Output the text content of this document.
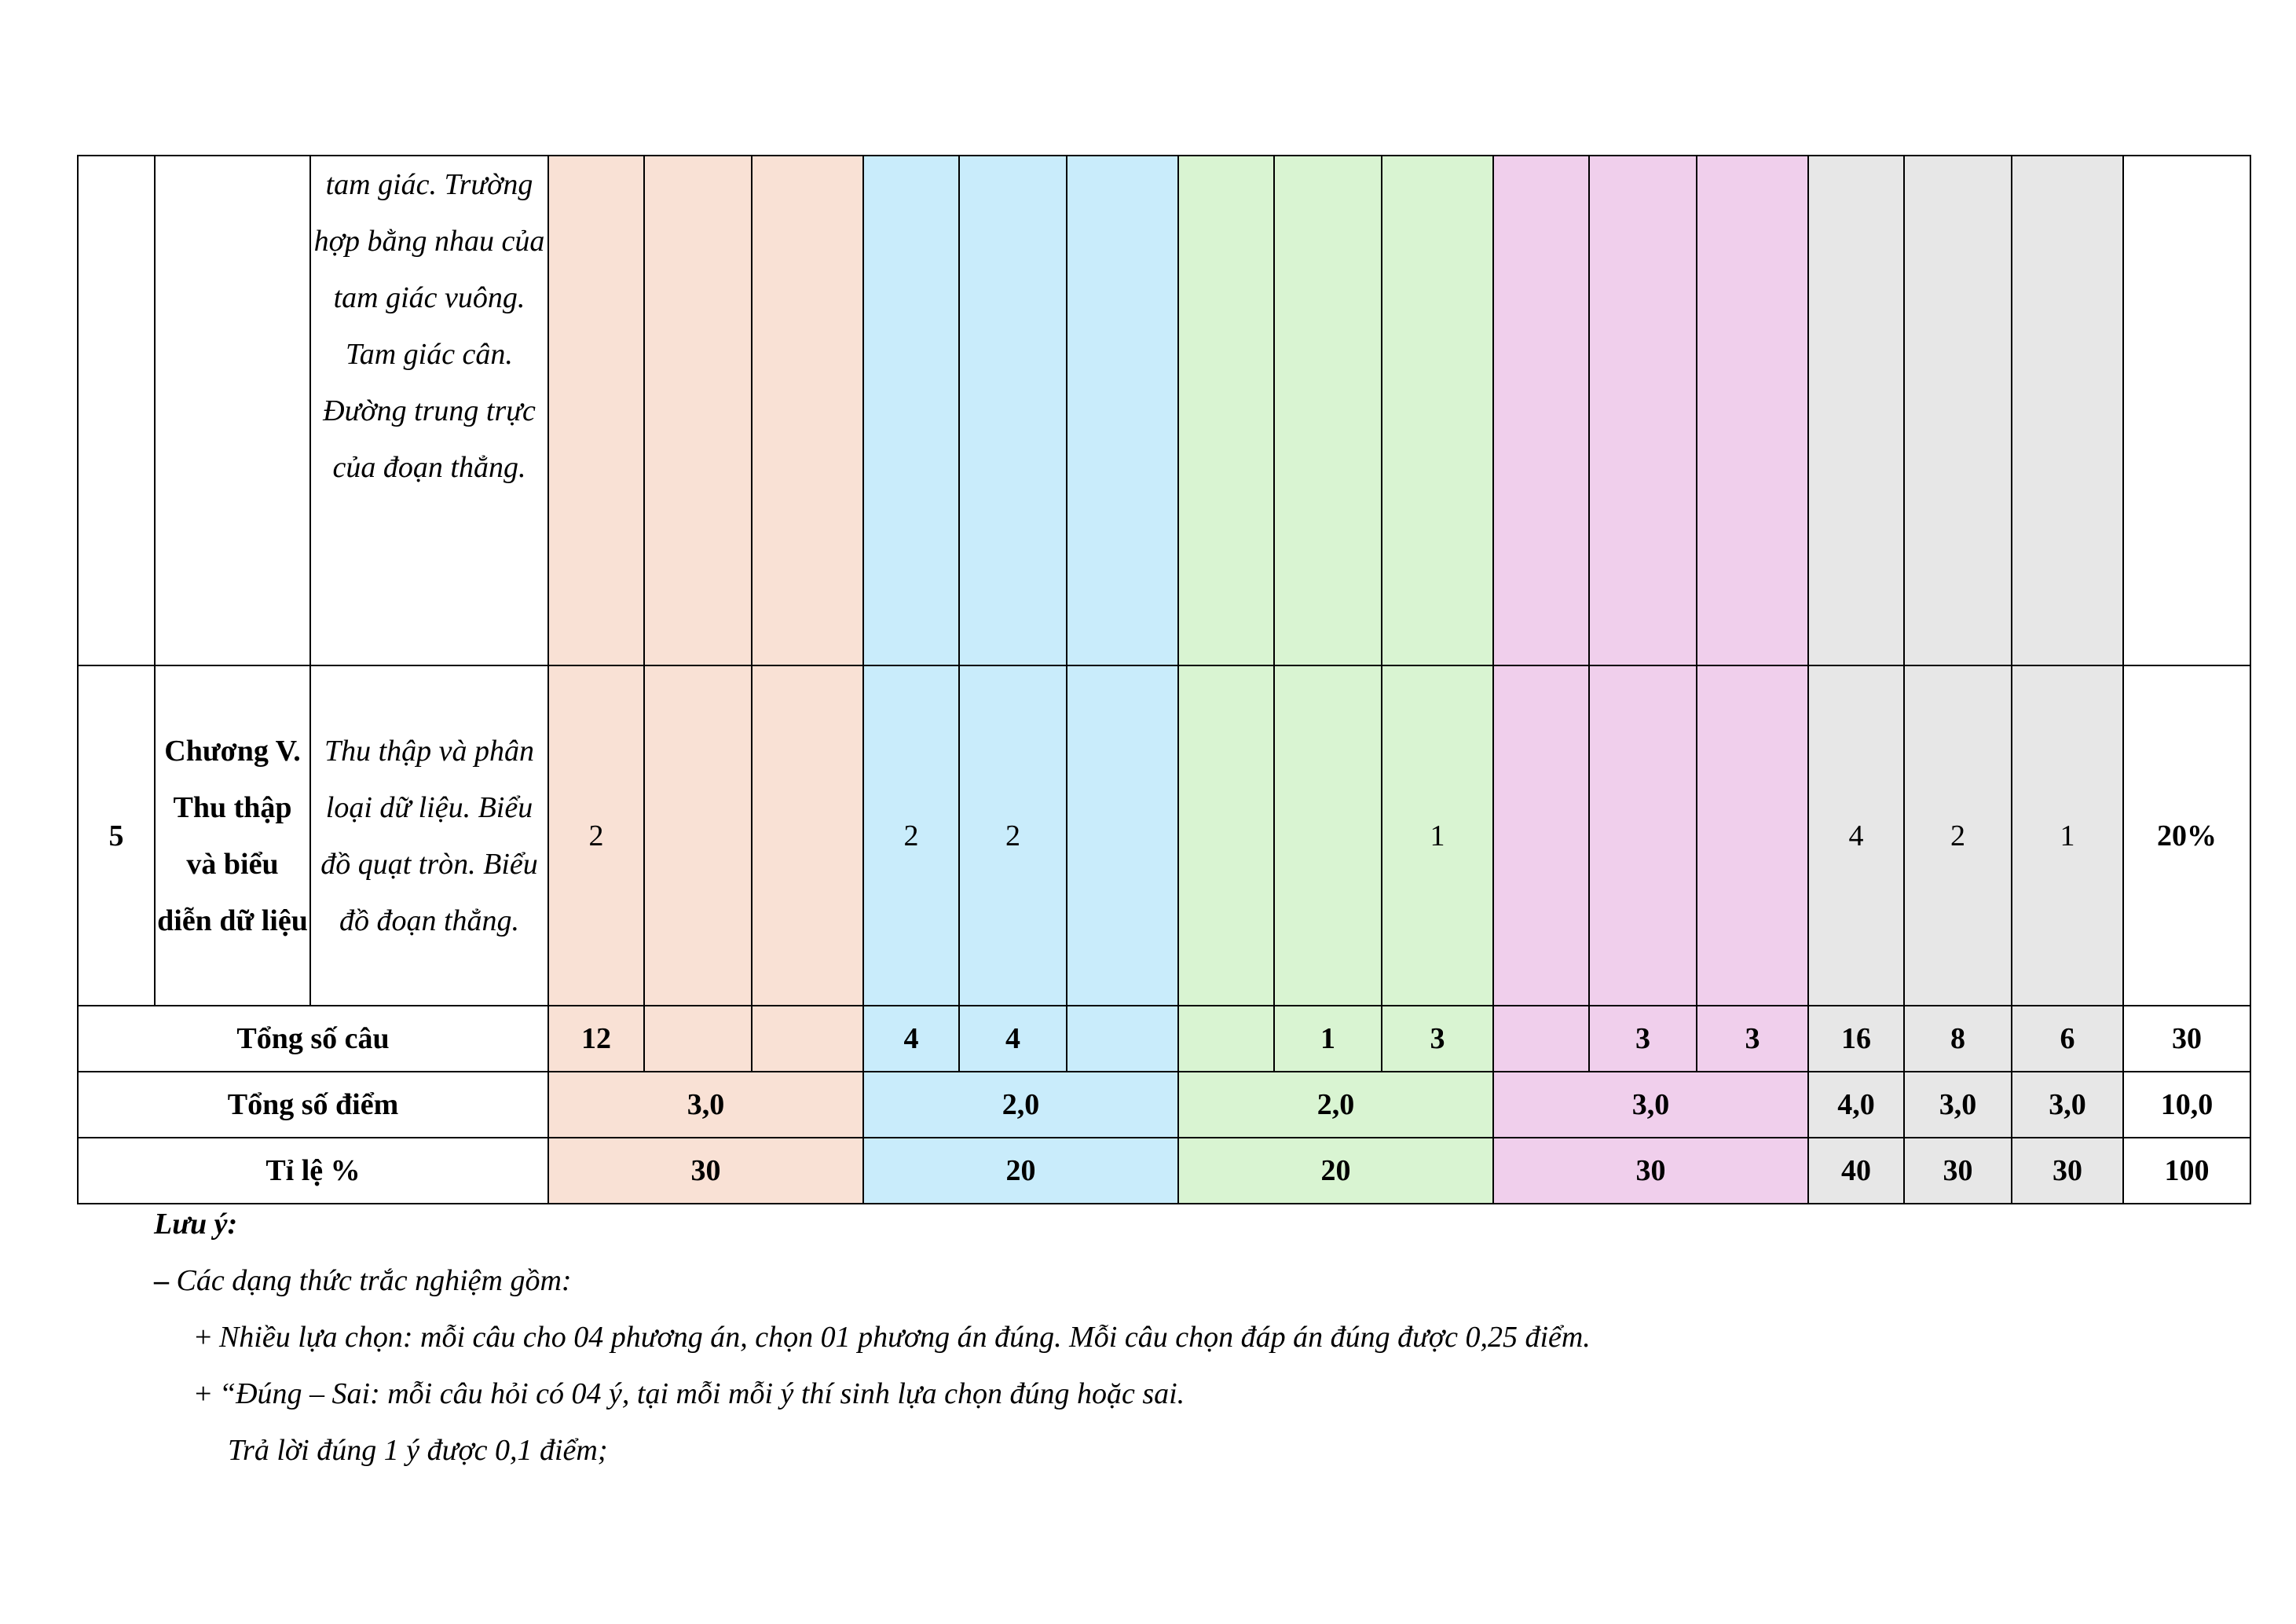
		tam giác. Trường hợp bằng nhau của tam giác vuông. Tam giác cân. Đường trung trực của đoạn thẳng.																
5	Chương V. Thu thập và biểu diễn dữ liệu	Thu thập và phân loại dữ liệu. Biểu đồ quạt tròn. Biểu đồ đoạn thẳng.	2			2	2				1				4	2	1	20%
Tổng số câu			12			4	4			1	3		3	3	16	8	6	30
Tổng số điểm			3,0			2,0			2,0			3,0			4,0	3,0	3,0	10,0
Tỉ lệ %			30			20			20			30			40	30	30	100
Lưu ý:
– Các dạng thức trắc nghiệm gồm:
+ Nhiều lựa chọn: mỗi câu cho 04 phương án, chọn 01 phương án đúng. Mỗi câu chọn đáp án đúng được 0,25 điểm.
+ “Đúng – Sai: mỗi câu hỏi có 04 ý, tại mỗi mỗi ý thí sinh lựa chọn đúng hoặc sai.
Trả lời đúng 1 ý được 0,1 điểm;
